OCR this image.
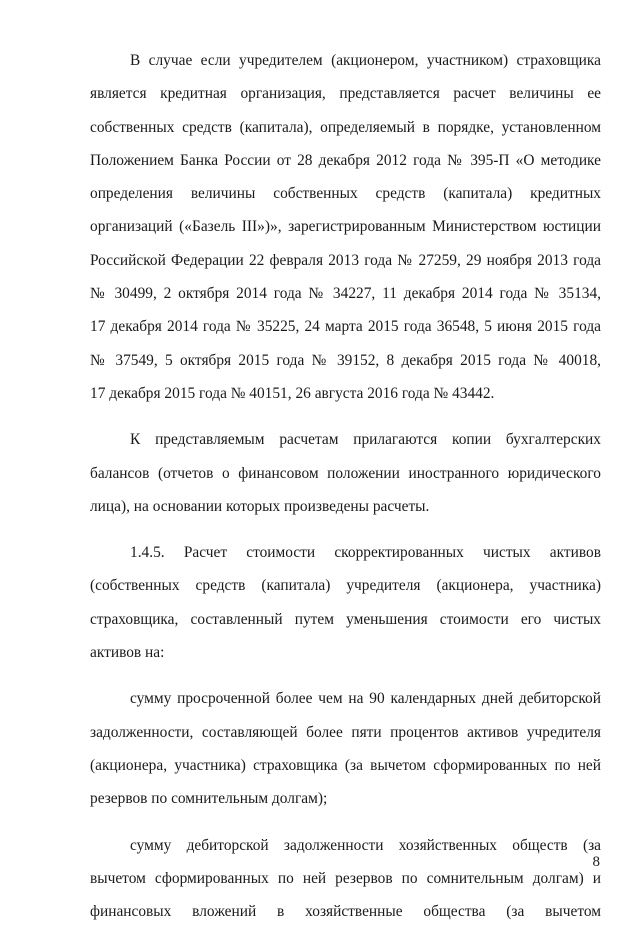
В случае если учредителем (акционером, участником) страховщика
является кредитная организация, представляется расчет величины ее
собственных средств (капитала), определяемый в порядке, установленном
Положением Банка России от 28 декабря 2012 года № 395-П «О методике
определения величины собственных средств (капитала) кредитных
организаций («Базель III»)», зарегистрированным Министерством юстиции
Российской Федерации 22 февраля 2013 года № 27259, 29 ноября 2013 года
№ 30499, 2 октября 2014 года № 34227, 11 декабря 2014 года № 35134,
17 декабря 2014 года № 35225, 24 марта 2015 года 36548, 5 июня 2015 года
№ 37549, 5 октября 2015 года № 39152, 8 декабря 2015 года № 40018,
17 декабря 2015 года № 40151, 26 августа 2016 года № 43442.
К представляемым расчетам прилагаются копии бухгалтерских
балансов (отчетов о финансовом положении иностранного юридического
лица), на основании которых произведены расчеты.
1.4.5. Расчет стоимости скорректированных чистых активов
(собственных средств (капитала) учредителя (акционера, участника)
страховщика, составленный путем уменьшения стоимости его чистых
активов на:
сумму просроченной более чем на 90 календарных дней дебиторской
задолженности, составляющей более пяти процентов активов учредителя
(акционера, участника) страховщика (за вычетом сформированных по ней
резервов по сомнительным долгам);
сумму дебиторской задолженности хозяйственных обществ (за
вычетом сформированных по ней резервов по сомнительным долгам) и
финансовых вложений в хозяйственные общества (за вычетом
8
